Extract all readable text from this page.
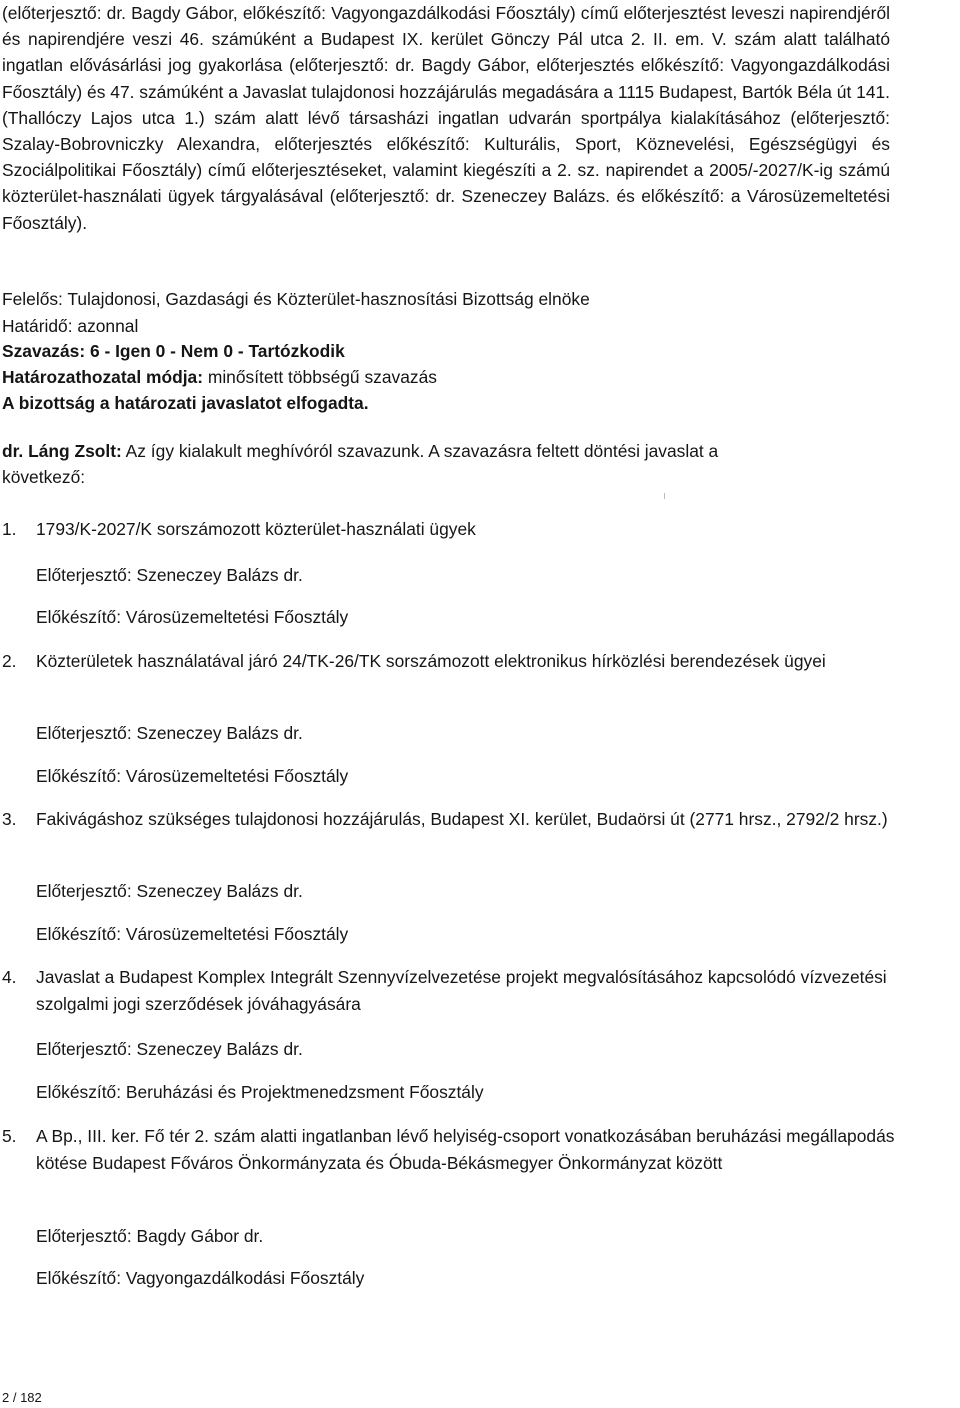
(előterjesztő: dr. Bagdy Gábor, előkészítő: Vagyongazdálkodási Főosztály) című előterjesztést leveszi napirendjéről és napirendjére veszi 46. számúként a Budapest IX. kerület Gönczy Pál utca 2. II. em. V. szám alatt található ingatlan elővásárlási jog gyakorlása (előterjesztő: dr. Bagdy Gábor, előterjesztés előkészítő: Vagyongazdálkodási Főosztály) és 47. számúként a Javaslat tulajdonosi hozzájárulás megadására a 1115 Budapest, Bartók Béla út 141. (Thallóczy Lajos utca 1.) szám alatt lévő társasházi ingatlan udvarán sportpálya kialakításához (előterjesztő: Szalay-Bobrovniczky Alexandra, előterjesztés előkészítő: Kulturális, Sport, Köznevelési, Egészségügyi és Szociálpolitikai Főosztály) című előterjesztéseket, valamint kiegészíti a 2. sz. napirendet a 2005/-2027/K-ig számú közterület-használati ügyek tárgyalásával (előterjesztő: dr. Szeneczey Balázs. és előkészítő: a Városüzemeltetési Főosztály).

Felelős: Tulajdonosi, Gazdasági és Közterület-hasznosítási Bizottság elnöke

Határidő: azonnal

Szavazás: 6 - Igen 0 - Nem 0 - Tartózkodik

Határozathozatal módja: minősített többségű szavazás

A bizottság a határozati javaslatot elfogadta.

dr. Láng Zsolt: Az így kialakult meghívóról szavazunk. A szavazásra feltett döntési javaslat a

következő:

1. 1793/K-2027/K sorszámozott közterület-használati ügyek
Előterjesztő: Szeneczey Balázs dr.
Előkészítő: Városüzemeltetési Főosztály
2. Közterületek használatával járó 24/TK-26/TK sorszámozott elektronikus hírközlési berendezések ügyei
Előterjesztő: Szeneczey Balázs dr.
Előkészítő: Városüzemeltetési Főosztály
3. Fakivágáshoz szükséges tulajdonosi hozzájárulás, Budapest XI. kerület, Budaörsi út (2771 hrsz., 2792/2 hrsz.)
Előterjesztő: Szeneczey Balázs dr.
Előkészítő: Városüzemeltetési Főosztály
4. Javaslat a Budapest Komplex Integrált Szennyvízelvezetése projekt megvalósításához kapcsolódó vízvezetési szolgalmi jogi szerződések jóváhagyására
Előterjesztő: Szeneczey Balázs dr.
Előkészítő: Beruházási és Projektmenedzsment Főosztály
5. A Bp., III. ker. Fő tér 2. szám alatti ingatlanban lévő helyiség-csoport vonatkozásában beruházási megállapodás kötése Budapest Főváros Önkormányzata és Óbuda-Békásmegyer Önkormányzat között
Előterjesztő: Bagdy Gábor dr.
Előkészítő: Vagyongazdálkodási Főosztály
2 / 182
